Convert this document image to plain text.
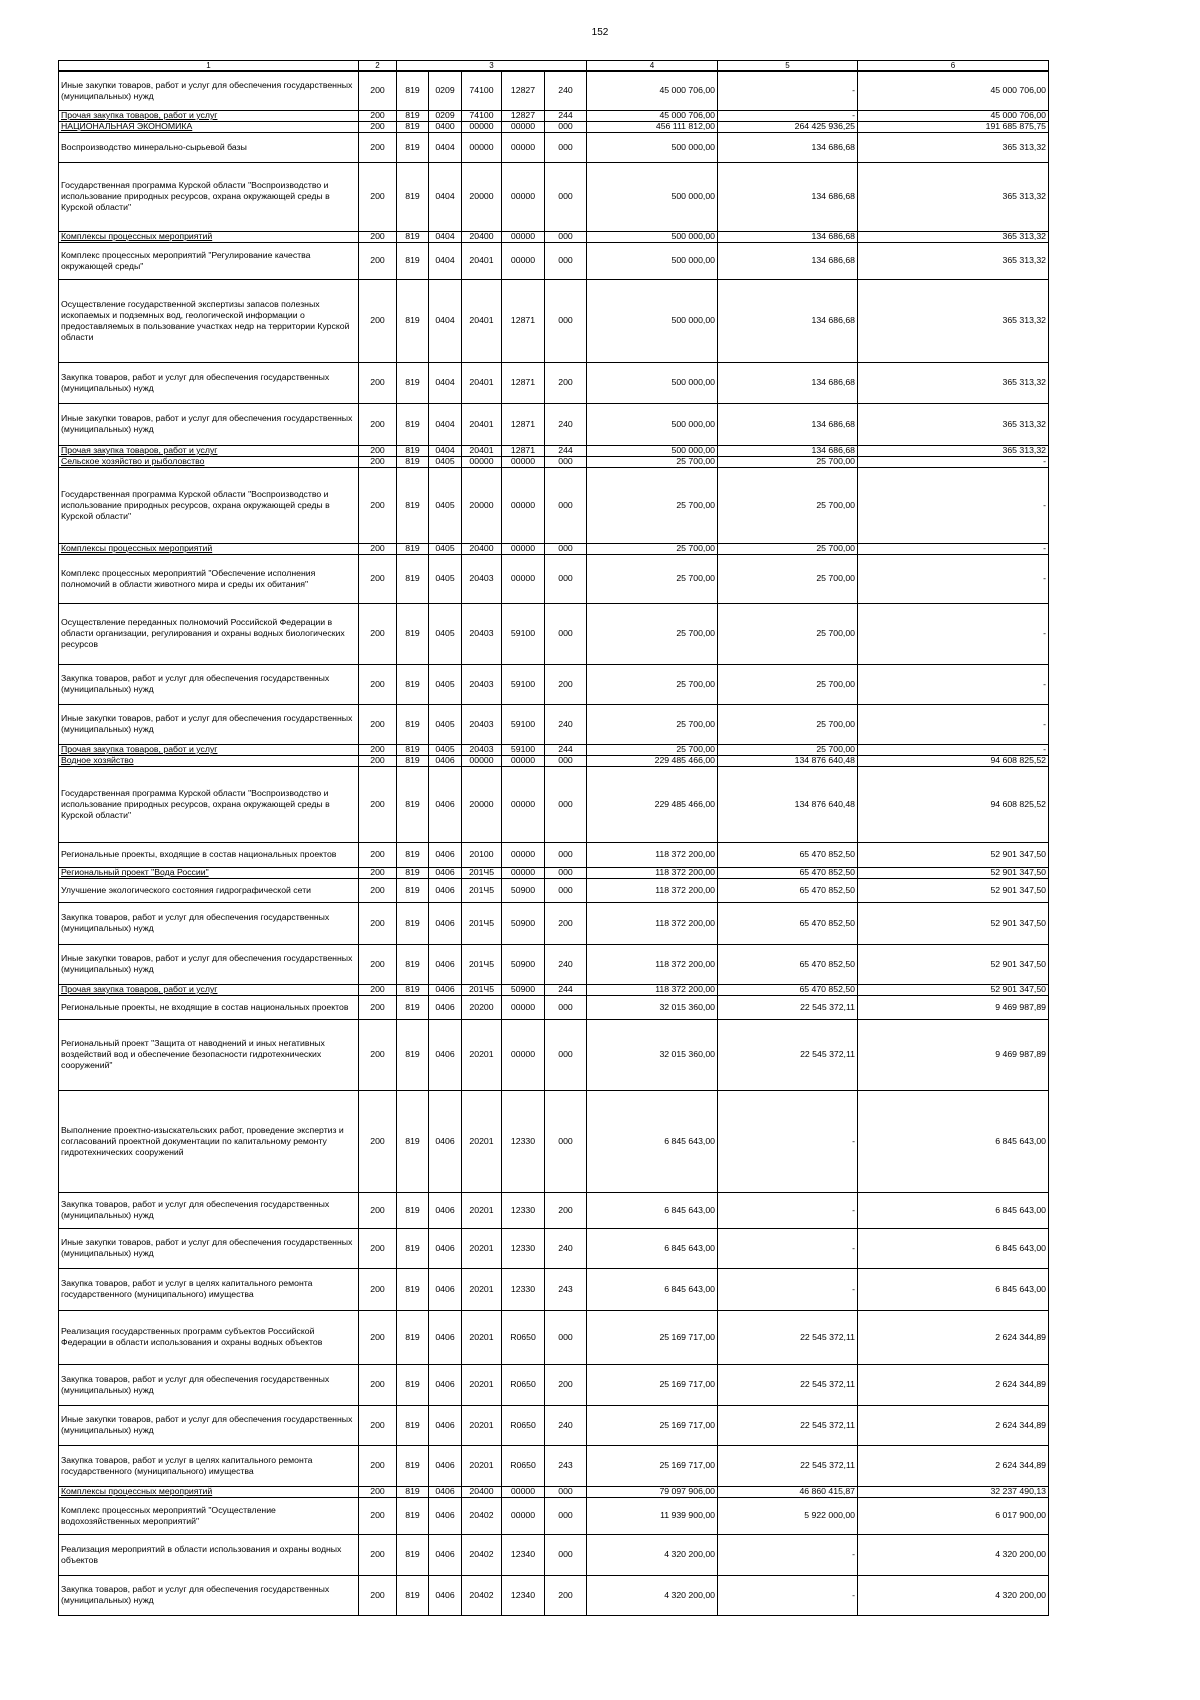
152
1	2	3					4	5	6
Иные закупки товаров, работ и услуг для обеспечения государственных (муниципальных) нужд	200	819	0209	74100	12827	240	45 000 706,00	-	45 000 706,00
Прочая закупка товаров, работ и услуг	200	819	0209	74100	12827	244	45 000 706,00	-	45 000 706,00
НАЦИОНАЛЬНАЯ ЭКОНОМИКА	200	819	0400	00000	00000	000	456 111 812,00	264 425 936,25	191 685 875,75
Воспроизводство минерально-сырьевой базы	200	819	0404	00000	00000	000	500 000,00	134 686,68	365 313,32
Государственная программа Курской области "Воспроизводство и использование природных ресурсов, охрана окружающей среды в Курской области"	200	819	0404	20000	00000	000	500 000,00	134 686,68	365 313,32
Комплексы процессных мероприятий	200	819	0404	20400	00000	000	500 000,00	134 686,68	365 313,32
Комплекс процессных мероприятий "Регулирование качества окружающей среды"	200	819	0404	20401	00000	000	500 000,00	134 686,68	365 313,32
Осуществление государственной экспертизы запасов полезных ископаемых и подземных вод, геологической информации о предоставляемых в пользование участках недр на территории Курской области	200	819	0404	20401	12871	000	500 000,00	134 686,68	365 313,32
Закупка товаров, работ и услуг для обеспечения государственных (муниципальных) нужд	200	819	0404	20401	12871	200	500 000,00	134 686,68	365 313,32
Иные закупки товаров, работ и услуг для обеспечения государственных (муниципальных) нужд	200	819	0404	20401	12871	240	500 000,00	134 686,68	365 313,32
Прочая закупка товаров, работ и услуг	200	819	0404	20401	12871	244	500 000,00	134 686,68	365 313,32
Сельское хозяйство и рыболовство	200	819	0405	00000	00000	000	25 700,00	25 700,00	-
Государственная программа Курской области "Воспроизводство и использование природных ресурсов, охрана окружающей среды в Курской области"	200	819	0405	20000	00000	000	25 700,00	25 700,00	-
Комплексы процессных мероприятий	200	819	0405	20400	00000	000	25 700,00	25 700,00	-
Комплекс процессных мероприятий "Обеспечение исполнения полномочий в области животного мира и среды их обитания"	200	819	0405	20403	00000	000	25 700,00	25 700,00	-
Осуществление переданных полномочий Российской Федерации в области организации, регулирования и охраны водных биологических ресурсов	200	819	0405	20403	59100	000	25 700,00	25 700,00	-
Закупка товаров, работ и услуг для обеспечения государственных (муниципальных) нужд	200	819	0405	20403	59100	200	25 700,00	25 700,00	-
Иные закупки товаров, работ и услуг для обеспечения государственных (муниципальных) нужд	200	819	0405	20403	59100	240	25 700,00	25 700,00	-
Прочая закупка товаров, работ и услуг	200	819	0405	20403	59100	244	25 700,00	25 700,00	-
Водное хозяйство	200	819	0406	00000	00000	000	229 485 466,00	134 876 640,48	94 608 825,52
Государственная программа Курской области "Воспроизводство и использование природных ресурсов, охрана окружающей среды в Курской области"	200	819	0406	20000	00000	000	229 485 466,00	134 876 640,48	94 608 825,52
Региональные проекты, входящие в состав национальных проектов	200	819	0406	20100	00000	000	118 372 200,00	65 470 852,50	52 901 347,50
Региональный проект "Вода России"	200	819	0406	201Ч5	00000	000	118 372 200,00	65 470 852,50	52 901 347,50
Улучшение экологического состояния гидрографической сети	200	819	0406	201Ч5	50900	000	118 372 200,00	65 470 852,50	52 901 347,50
Закупка товаров, работ и услуг для обеспечения государственных (муниципальных) нужд	200	819	0406	201Ч5	50900	200	118 372 200,00	65 470 852,50	52 901 347,50
Иные закупки товаров, работ и услуг для обеспечения государственных (муниципальных) нужд	200	819	0406	201Ч5	50900	240	118 372 200,00	65 470 852,50	52 901 347,50
Прочая закупка товаров, работ и услуг	200	819	0406	201Ч5	50900	244	118 372 200,00	65 470 852,50	52 901 347,50
Региональные проекты, не входящие в состав национальных проектов	200	819	0406	20200	00000	000	32 015 360,00	22 545 372,11	9 469 987,89
Региональный проект "Защита от наводнений и иных негативных воздействий вод и обеспечение безопасности гидротехнических сооружений"	200	819	0406	20201	00000	000	32 015 360,00	22 545 372,11	9 469 987,89
Выполнение проектно-изыскательских работ, проведение экспертиз и согласований проектной документации по капитальному ремонту гидротехнических сооружений	200	819	0406	20201	12330	000	6 845 643,00	-	6 845 643,00
Закупка товаров, работ и услуг для обеспечения государственных (муниципальных) нужд	200	819	0406	20201	12330	200	6 845 643,00	-	6 845 643,00
Иные закупки товаров, работ и услуг для обеспечения государственных (муниципальных) нужд	200	819	0406	20201	12330	240	6 845 643,00	-	6 845 643,00
Закупка товаров, работ и услуг в целях капитального ремонта государственного (муниципального) имущества	200	819	0406	20201	12330	243	6 845 643,00	-	6 845 643,00
Реализация государственных программ субъектов Российской Федерации в области использования и охраны водных объектов	200	819	0406	20201	R0650	000	25 169 717,00	22 545 372,11	2 624 344,89
Закупка товаров, работ и услуг для обеспечения государственных (муниципальных) нужд	200	819	0406	20201	R0650	200	25 169 717,00	22 545 372,11	2 624 344,89
Иные закупки товаров, работ и услуг для обеспечения государственных (муниципальных) нужд	200	819	0406	20201	R0650	240	25 169 717,00	22 545 372,11	2 624 344,89
Закупка товаров, работ и услуг в целях капитального ремонта государственного (муниципального) имущества	200	819	0406	20201	R0650	243	25 169 717,00	22 545 372,11	2 624 344,89
Комплексы процессных мероприятий	200	819	0406	20400	00000	000	79 097 906,00	46 860 415,87	32 237 490,13
Комплекс процессных мероприятий "Осуществление водохозяйственных мероприятий"	200	819	0406	20402	00000	000	11 939 900,00	5 922 000,00	6 017 900,00
Реализация мероприятий в области использования и охраны водных объектов	200	819	0406	20402	12340	000	4 320 200,00	-	4 320 200,00
Закупка товаров, работ и услуг для обеспечения государственных (муниципальных) нужд	200	819	0406	20402	12340	200	4 320 200,00	-	4 320 200,00
